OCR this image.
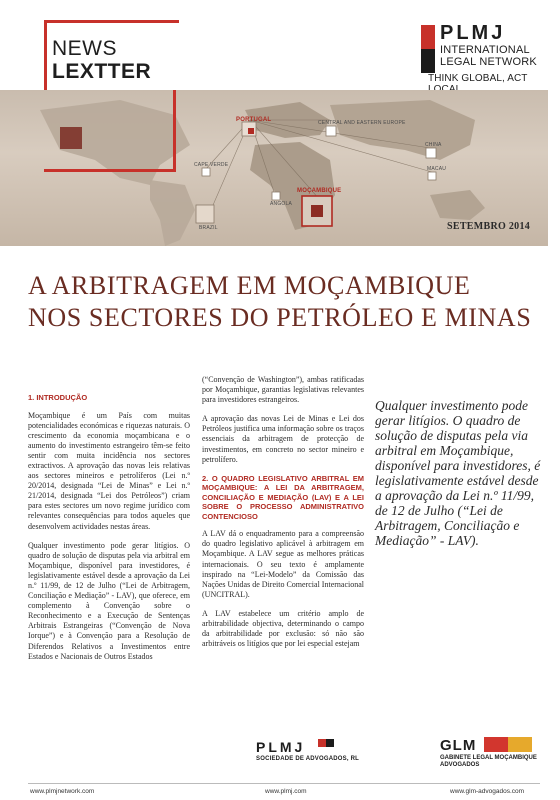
NEWS
LEXTTER
PLMJ
INTERNATIONAL
LEGAL NETWORK
THINK GLOBAL, ACT
PORTUGAL	CENTRAL AND EASTERN EUROPE
CHINA
CAPE VERDE
MACAU
MOÇAMBIQUE
BRAZIL
ANGOLA
SETEMBRO 2014
A ARBITRAGEM EM MOÇAMBIQUE
NOS SECTORES DO PETRÓLEO E MINAS

1. INTRODUÇÃO

Moçambique é um País com muitas potencialidades económicas e riquezas naturais. O crescimento da economia moçambicana e o aumento do investimento estrangeiro têm-se feito sentir com muita incidência nos sectores extractivos. A aprovação das novas leis relativas aos sectores mineiros e petrolíferos (Lei n.º 20/2014, designada “Lei de Minas” e Lei n.º 21/2014, designada “Lei dos Petróleos”) criam para estes sectores um novo regime jurídico com relevantes consequências para todos aqueles que desenvolvem actividades nestas áreas.

Qualquer investimento pode gerar litígios. O quadro de solução de disputas pela via arbitral em Moçambique, disponível para investidores, é legislativamente estável desde a aprovação da Lei n.º 11/99, de 12 de Julho (“Lei de Arbitragem, Conciliação e Mediação” - LAV), que oferece, em complemento à Convenção sobre o Reconhecimento e a Execução de Sentenças Arbitrais Estrangeiras (“Convenção de Nova Iorque”) e à Convenção para a Resolução de Diferendos Relativos a Investimentos entre Estados e Nacionais de Outros Estados

(“Convenção de Washington”), ambas ratificadas por Moçambique, garantias legislativas relevantes para investidores estrangeiros.

A aprovação das novas Lei de Minas e Lei dos Petróleos justifica uma informação sobre os traços essenciais da arbitragem de protecção de investimentos, em concreto no sector mineiro e petrolífero.

2. O QUADRO LEGISLATIVO ARBITRAL EM MOÇAMBIQUE: A LEI DA ARBITRAGEM, CONCILIAÇÃO E MEDIAÇÃO (LAV) E A LEI SOBRE O PROCESSO ADMINISTRATIVO CONTENCIOSO

A LAV dá o enquadramento para a compreensão do quadro legislativo aplicável à arbitragem em Moçambique. A LAV segue as melhores práticas internacionais. O seu texto é amplamente inspirado na “Lei-Modelo” da Comissão das Nações Unidas de Direito Comercial Internacional (UNCITRAL).

A LAV estabelece um critério amplo de arbitrabilidade objectiva, determinando o campo da arbitrabilidade por exclusão: só não são arbitráveis os litígios que por lei especial estejam

Qualquer investimento pode gerar litígios. O quadro de solução de disputas pela via arbitral em Moçambique, disponível para investidores, é legislativamente estável desde a aprovação da Lei n.º 11/99, de 12 de Julho (“Lei de Arbitragem, Conciliação e Mediação” - LAV).
PLMJ
SOCIEDADE DE ADVOGADOS, RL
GLM
GABINETE LEGAL MOÇAMBIQUE
ADVOGADOS
www.plmjnetwork.com	www.plmj.com	www.glm-advogados.com
